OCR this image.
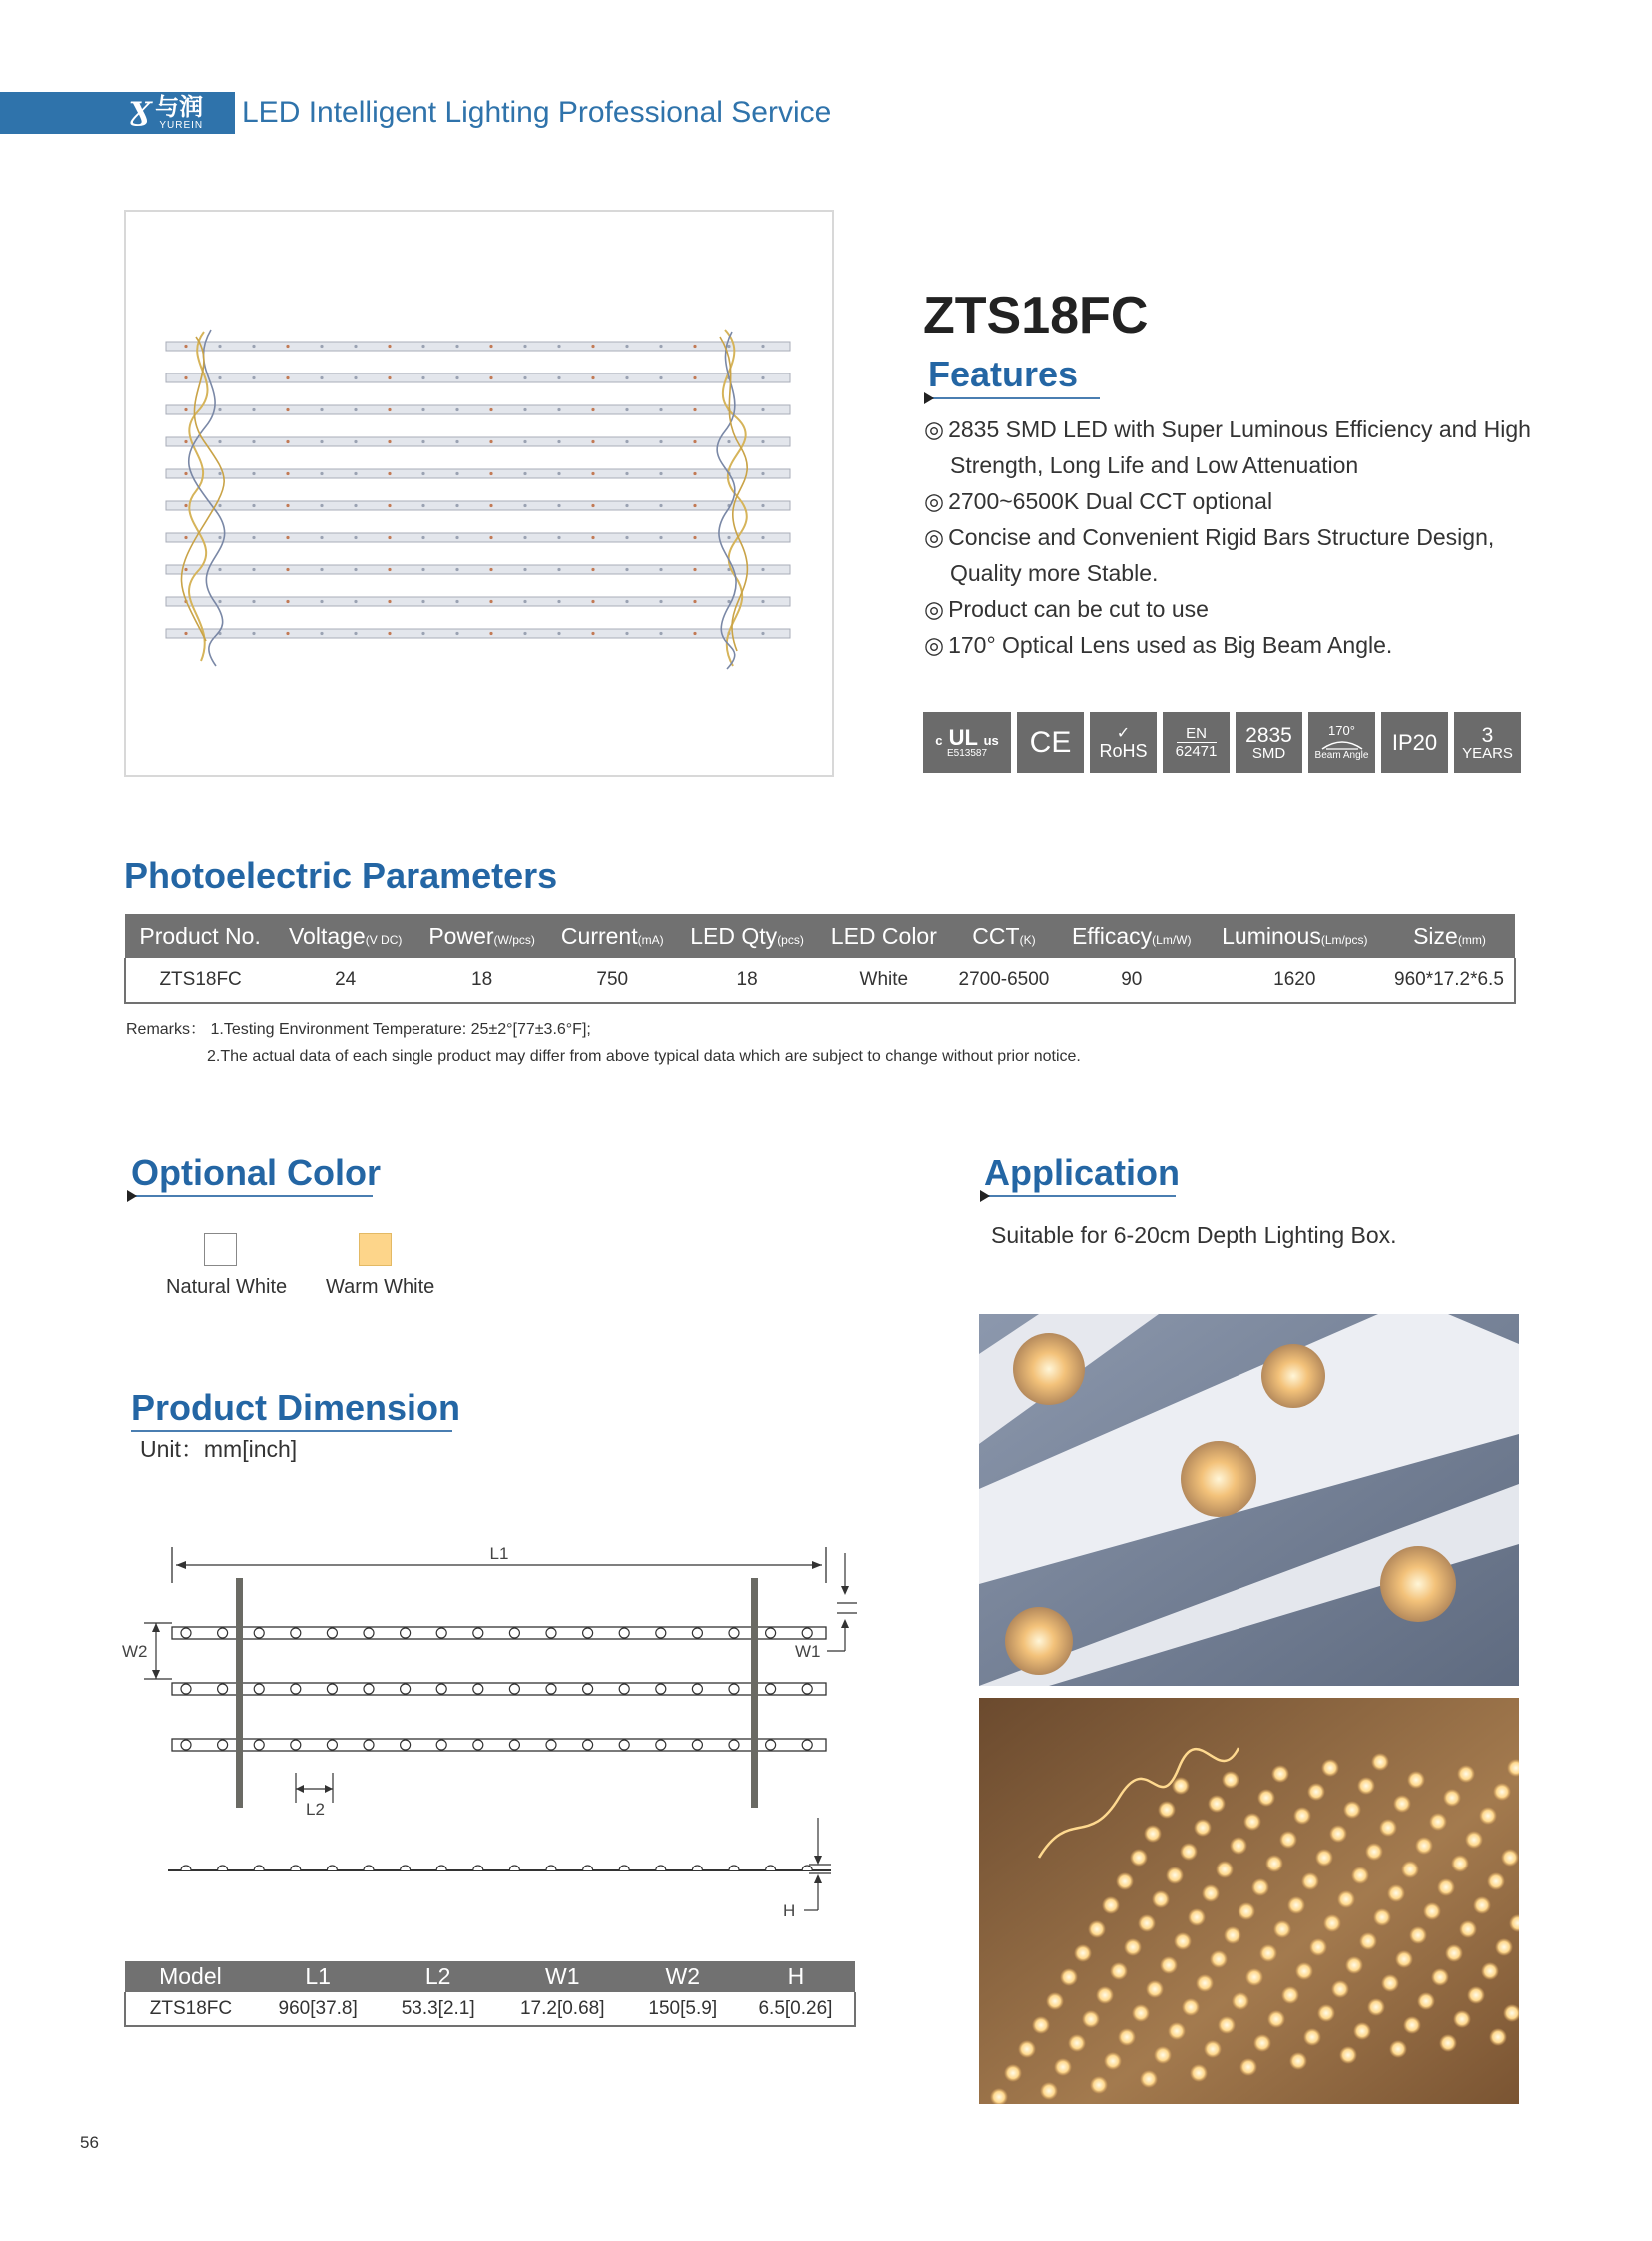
Ɣ 与润
YUREIN LED Intelligent Lighting Professional Service
ZTS18FC
Features
◎ 2835 SMD LED with Super Luminous Efficiency and High
Strength, Long Life and Low Attenuation
◎ 2700~6500K Dual CCT optional
◎ Concise and Convenient Rigid Bars Structure Design,
Quality more Stable.
◎ Product can be cut to use
◎ 170° Optical Lens used as Big Beam Angle.
c UL us
E513587 CE	✓
RoHS
EN
62471
2835
SMD
170°
Beam Angle
IP20 3
YEARS
Photoelectric Parameters
Product No.	Voltage(V DC)	Power(W/pcs)	Current(mA)	LED Qty(pcs)	LED Color	CCT(K)	Efficacy(Lm/W)	Luminous(Lm/pcs)	Size(mm)
ZTS18FC	24	18	750	18	White	2700-6500	90	1620	960*17.2*6.5
Remarks： 1.Testing Environment Temperature: 25±2°[77±3.6°F];
2.The actual data of each single product may differ from above typical data which are subject to change without prior notice.
Optional Color
Natural White Warm White
Application
Suitable for 6-20cm Depth Lighting Box.
Product Dimension
Unit：mm[inch]
L1
W2	W1
L2
H
Model	L1	L2	W1	W2	H
ZTS18FC	960[37.8]	53.3[2.1]	17.2[0.68]	150[5.9]	6.5[0.26]
56
